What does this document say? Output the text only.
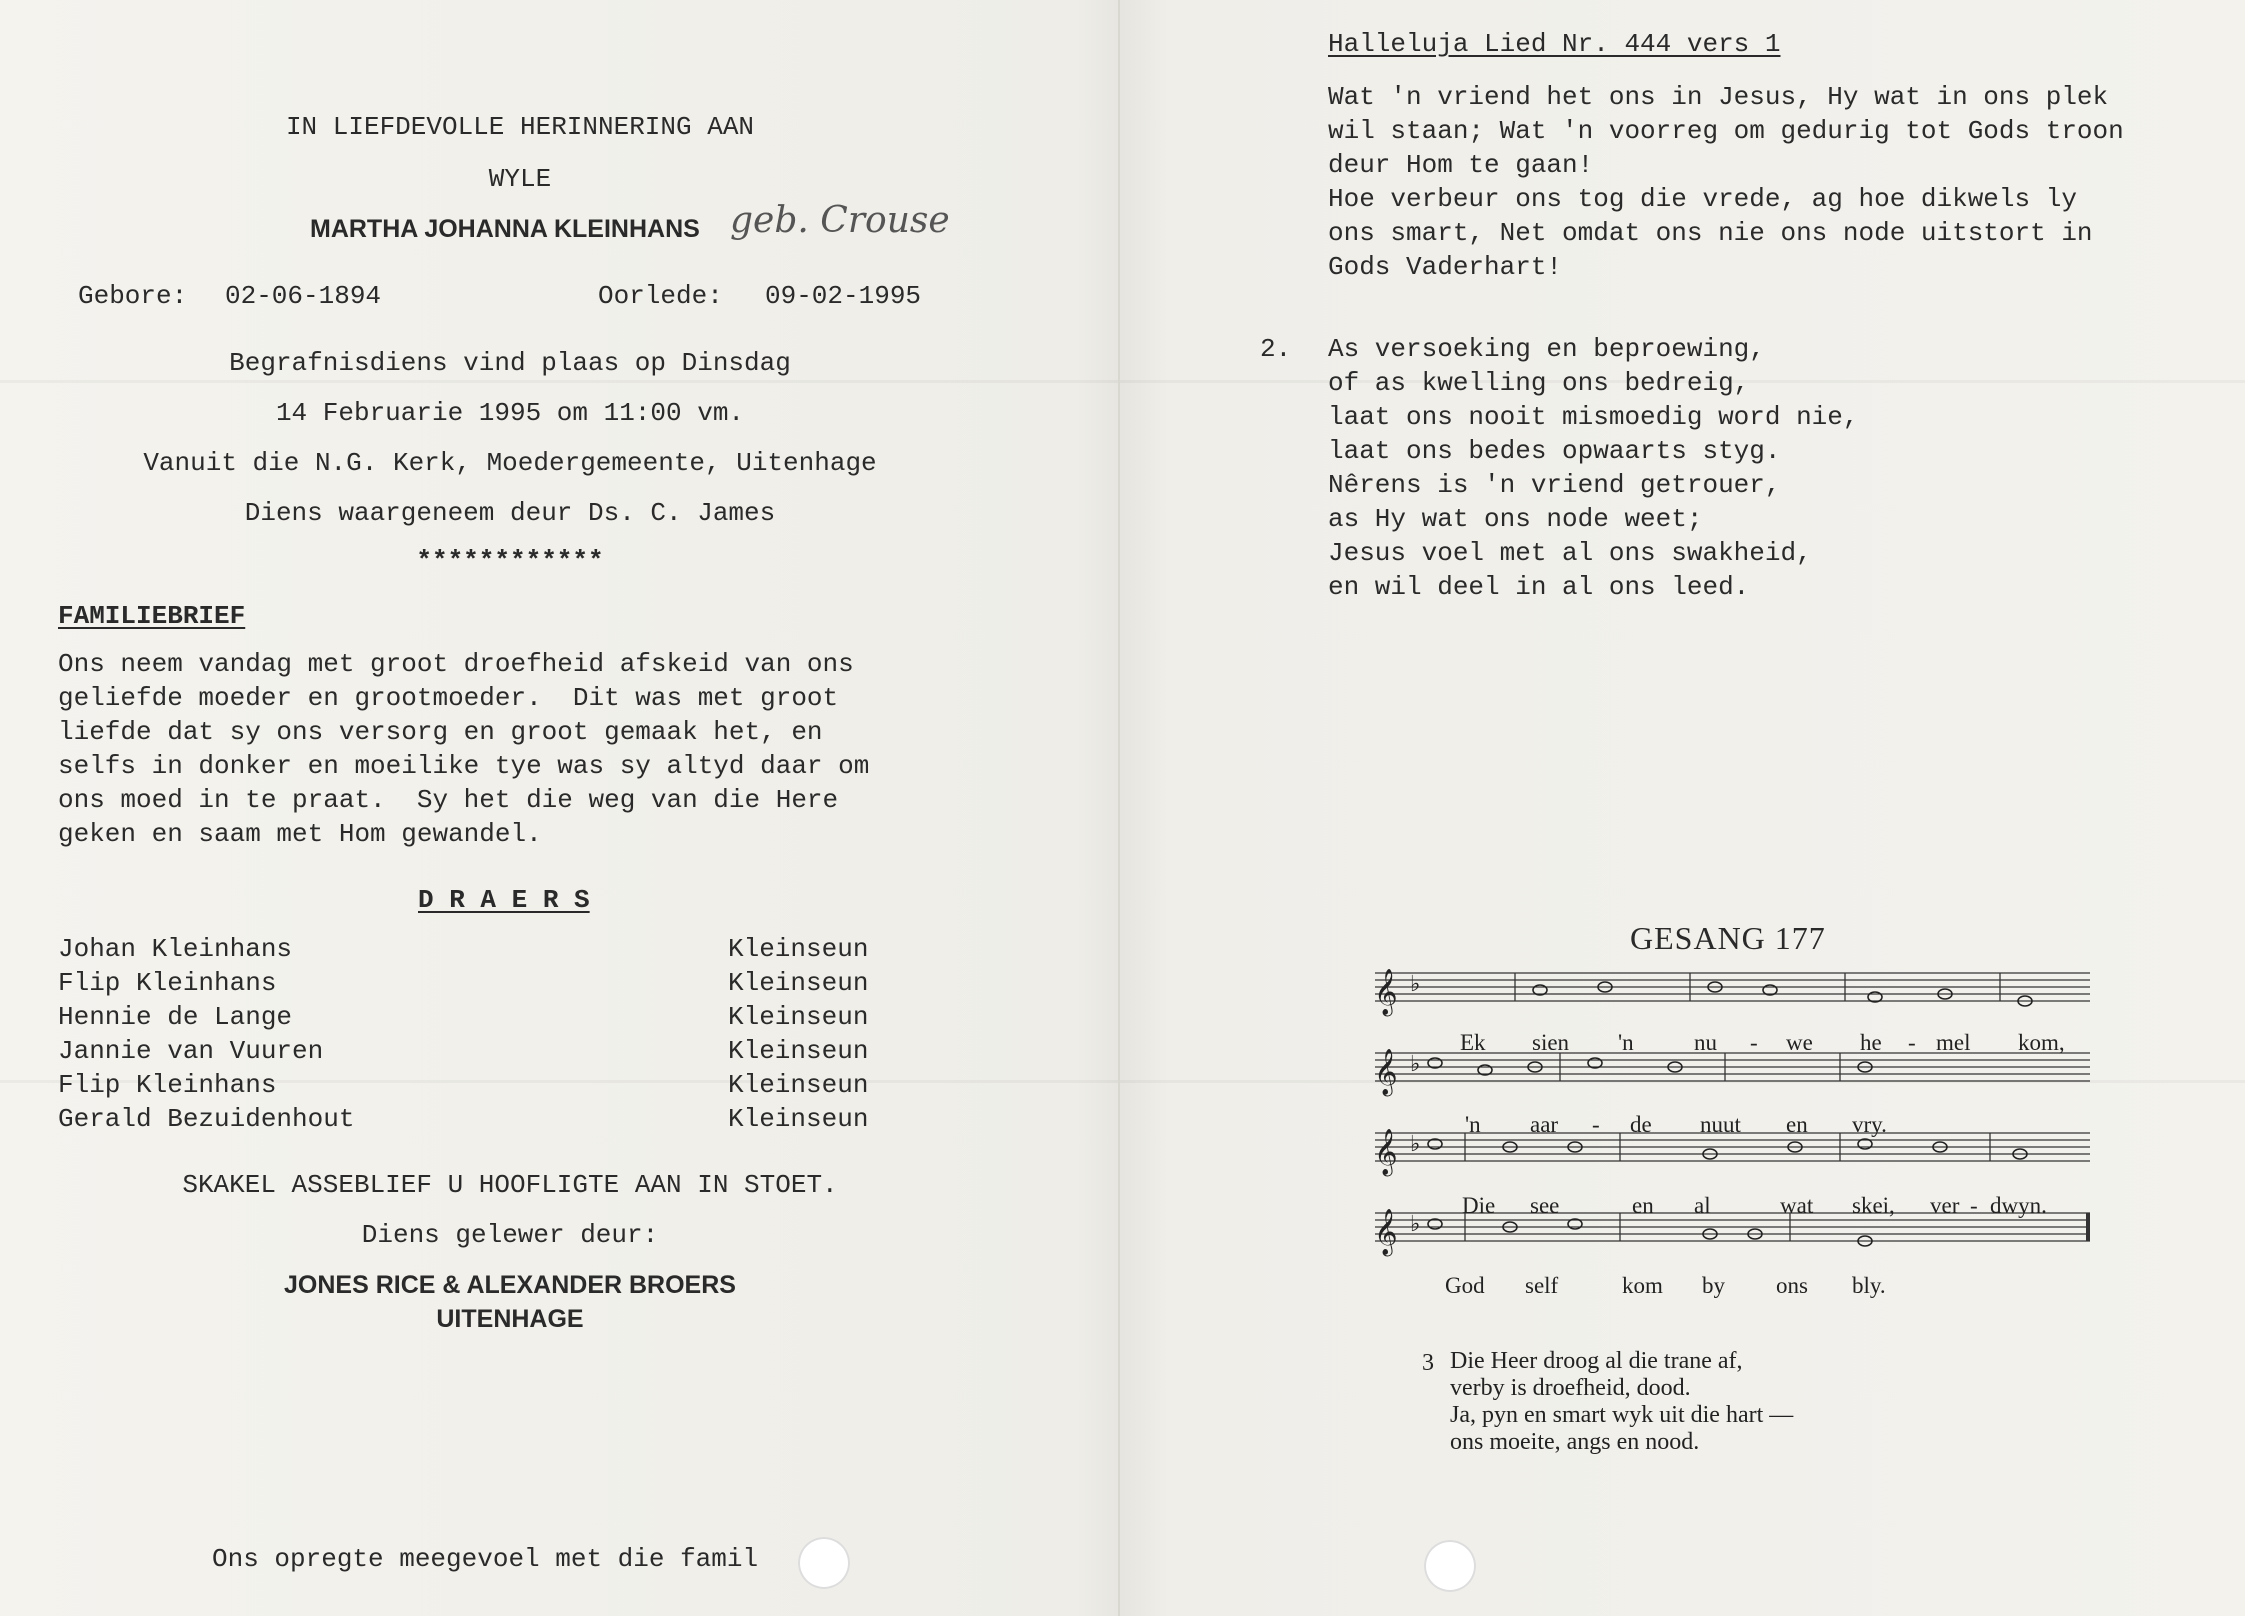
IN LIEFDEVOLLE HERINNERING AAN
WYLE
MARTHA JOHANNA KLEINHANS geb. Crouse
Gebore: 02-06-1894	Oorlede: 09-02-1995
Begrafnisdiens vind plaas op Dinsdag
14 Februarie 1995 om 11:00 vm.
Vanuit die N.G. Kerk, Moedergemeente, Uitenhage
Diens waargeneem deur Ds. C. James
************
FAMILIEBRIEF
Ons neem vandag met groot droefheid afskeid van ons
geliefde moeder en grootmoeder.  Dit was met groot
liefde dat sy ons versorg en groot gemaak het, en
selfs in donker en moeilike tye was sy altyd daar om
ons moed in te praat.  Sy het die weg van die Here
geken en saam met Hom gewandel.
D R A E R S
Johan Kleinhans	Kleinseun
Flip Kleinhans	Kleinseun
Hennie de Lange	Kleinseun
Jannie van Vuuren	Kleinseun
Flip Kleinhans	Kleinseun
Gerald Bezuidenhout	Kleinseun
SKAKEL ASSEBLIEF U HOOFLIGTE AAN IN STOET.
Diens gelewer deur:
JONES RICE & ALEXANDER BROERS
UITENHAGE
Ons opregte meegevoel met die famil
Halleluja Lied Nr. 444 vers 1
Wat 'n vriend het ons in Jesus, Hy wat in ons plek
wil staan; Wat 'n voorreg om gedurig tot Gods troon
deur Hom te gaan!
Hoe verbeur ons tog die vrede, ag hoe dikwels ly
ons smart, Net omdat ons nie ons node uitstort in
Gods Vaderhart!
2. As versoeking en beproewing,
of as kwelling ons bedreig,
laat ons nooit mismoedig word nie,
laat ons bedes opwaarts styg.
Nêrens is 'n vriend getrouer,
as Hy wat ons node weet;
Jesus voel met al ons swakheid,
en wil deel in al ons leed.
GESANG 177
𝄞
𝄞
𝄞
𝄞
♭
♭
♭
♭
Ek sien 'n	nu - we he - mel kom,
'n aar - de nuut en vry.
Die see	en al	wat skei, ver - dwyn.
God self	kom by ons bly.
3 Die Heer droog al die trane af,
verby is droefheid, dood.
Ja, pyn en smart wyk uit die hart —
ons moeite, angs en nood.
